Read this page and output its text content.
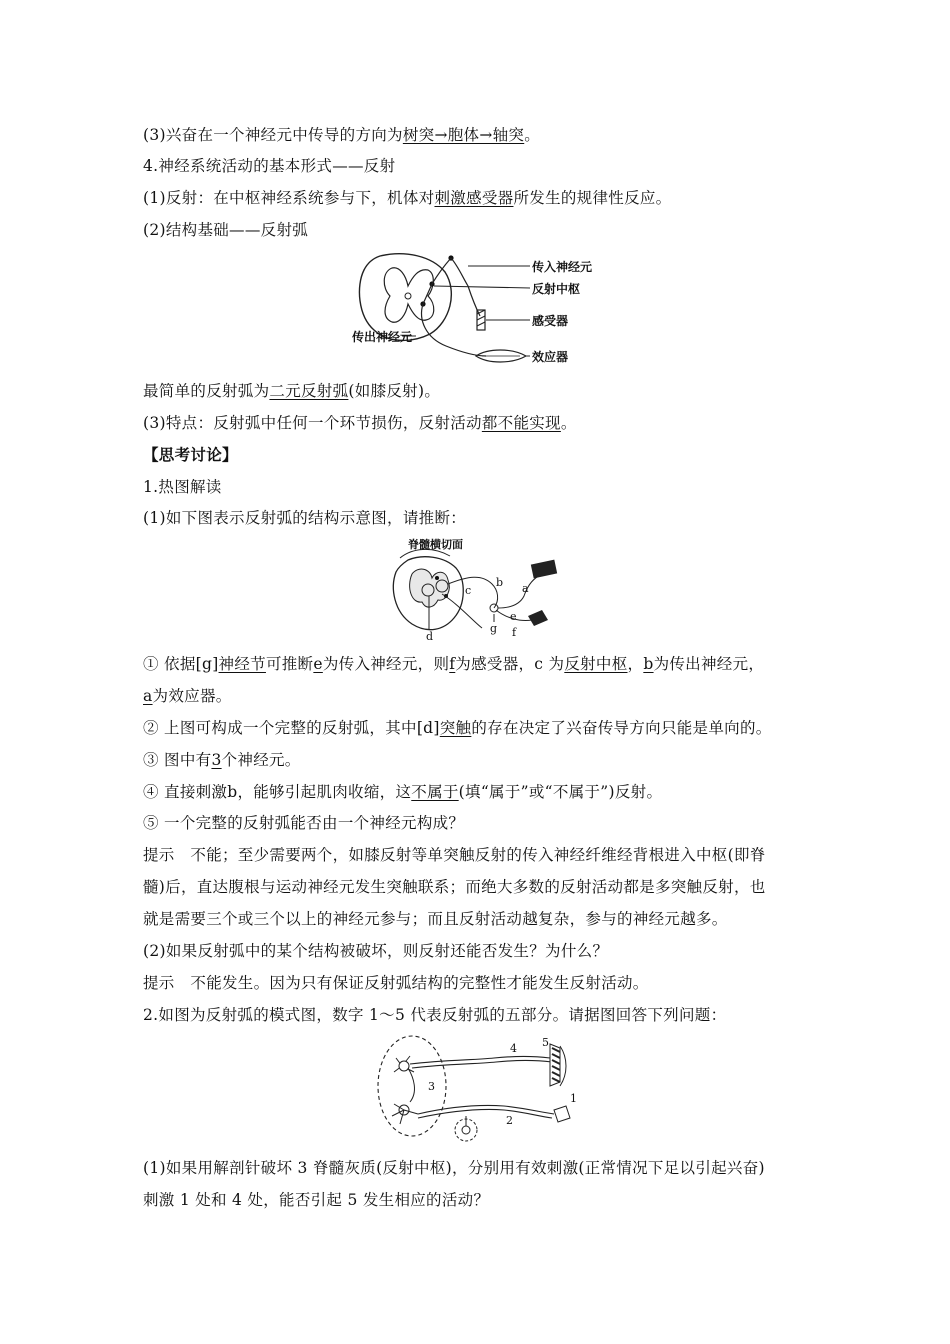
(3)兴奋在一个神经元中传导的方向为树突→胞体→轴突。
4.神经系统活动的基本形式——反射
(1)反射：在中枢神经系统参与下，机体对刺激感受器所发生的规律性反应。
(2)结构基础——反射弧
传入神经元
反射中枢
感受器
传出神经元
效应器
最简单的反射弧为二元反射弧(如膝反射)。
(3)特点：反射弧中任何一个环节损伤，反射活动都不能实现。
【思考讨论】
1.热图解读
(1)如下图表示反射弧的结构示意图，请推断：
脊髓横切面
a
b
c
d
e
f
g
① 依据[g]神经节可推断e为传入神经元，则f为感受器，c 为反射中枢，b为传出神经元，
a为效应器。
② 上图可构成一个完整的反射弧，其中[d]突触的存在决定了兴奋传导方向只能是单向的。
③ 图中有3个神经元。
④ 直接刺激b，能够引起肌肉收缩，这不属于(填“属于”或“不属于”)反射。
⑤ 一个完整的反射弧能否由一个神经元构成？
提示　不能；至少需要两个，如膝反射等单突触反射的传入神经纤维经背根进入中枢(即脊
髓)后，直达腹根与运动神经元发生突触联系；而绝大多数的反射活动都是多突触反射，也
就是需要三个或三个以上的神经元参与；而且反射活动越复杂，参与的神经元越多。
(2)如果反射弧中的某个结构被破坏，则反射还能否发生？为什么？
提示　不能发生。因为只有保证反射弧结构的完整性才能发生反射活动。
2.如图为反射弧的模式图，数字 1～5 代表反射弧的五部分。请据图回答下列问题：
1
2
3
4 5
(1)如果用解剖针破坏 3 脊髓灰质(反射中枢)，分别用有效刺激(正常情况下足以引起兴奋)
刺激 1 处和 4 处，能否引起 5 发生相应的活动？
